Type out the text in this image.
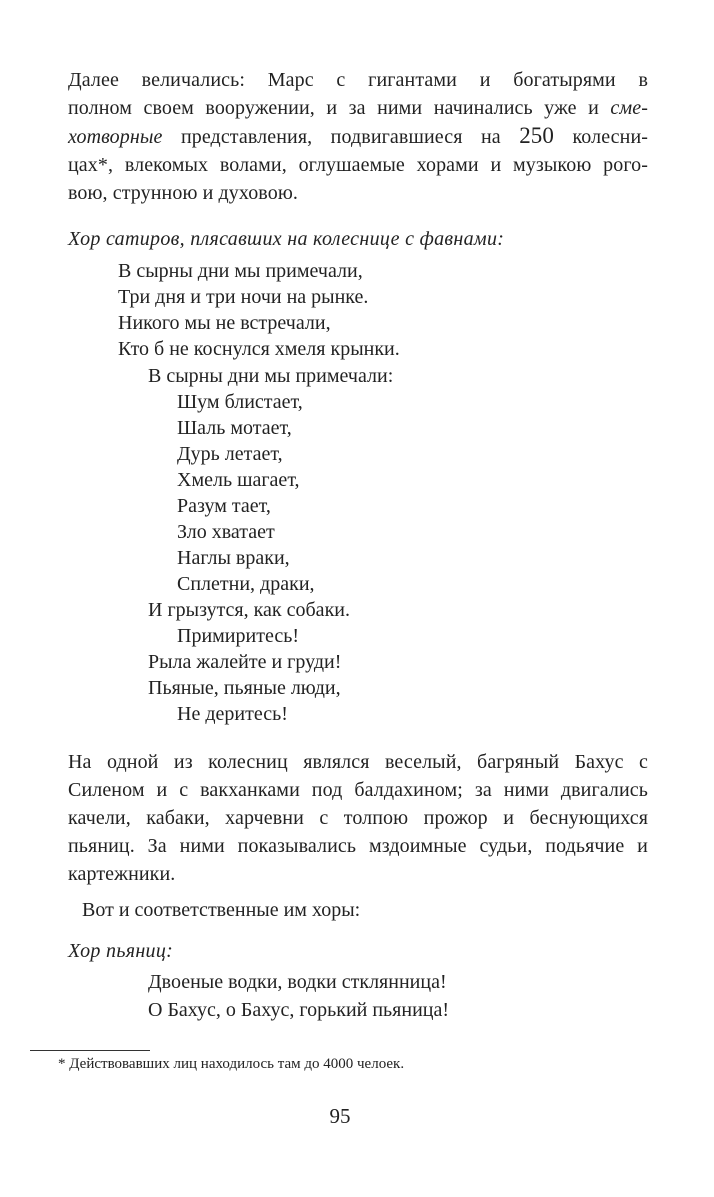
Далее величались: Марс с гигантами и богатырями в
полном своем вооружении, и за ними начинались уже и сме-
хотворные представления, подвигавшиеся на 250 колесни-
цах*, влекомых волами, оглушаемые хорами и музыкою рого-
вою, струнною и духовою.
Хор сатиров, плясавших на колеснице с фавнами:
В сырны дни мы примечали,
Три дня и три ночи на рынке.
Никого мы не встречали,
Кто б не коснулся хмеля крынки.
В сырны дни мы примечали:
Шум блистает,
Шаль мотает,
Дурь летает,
Хмель шагает,
Разум тает,
Зло хватает
Наглы враки,
Сплетни, драки,
И грызутся, как собаки.
Примиритесь!
Рыла жалейте и груди!
Пьяные, пьяные люди,
Не деритесь!
На одной из колесниц являлся веселый, багряный Бахус с
Силеном и с вакханками под балдахином; за ними двигались
качели, кабаки, харчевни с толпою прожор и беснующихся
пьяниц. За ними показывались мздоимные судьи, подьячие и
картежники.
Вот и соответственные им хоры:
Хор пьяниц:
Двоеные водки, водки стклянница!
О Бахус, о Бахус, горький пьяница!
* Действовавших лиц находилось там до 4000 челоек.
95
